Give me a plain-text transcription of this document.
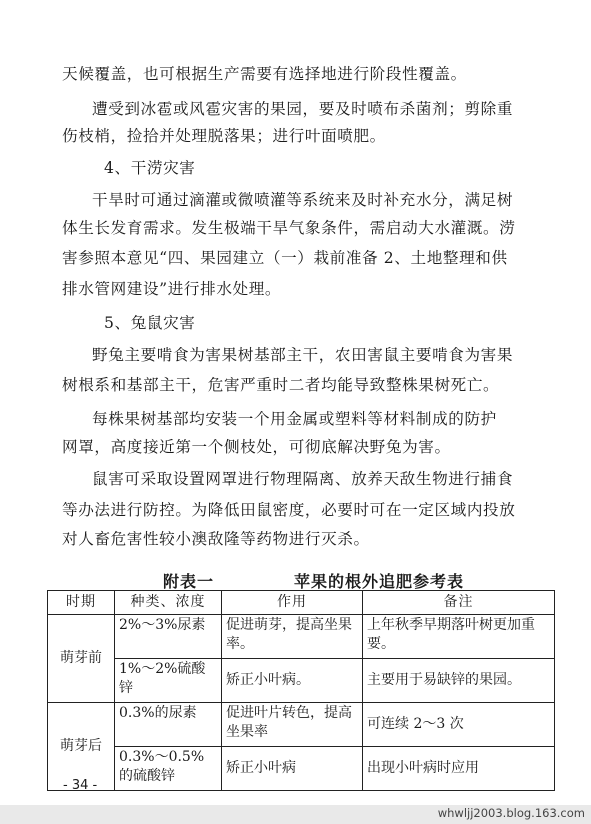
天候覆盖，也可根据生产需要有选择地进行阶段性覆盖。
遭受到冰雹或风雹灾害的果园，要及时喷布杀菌剂；剪除重
伤枝梢，捡拾并处理脱落果；进行叶面喷肥。
4、干涝灾害
干旱时可通过滴灌或微喷灌等系统来及时补充水分，满足树
体生长发育需求。发生极端干旱气象条件，需启动大水灌溉。涝
害参照本意见“四、果园建立（一）栽前准备 2、土地整理和供
排水管网建设”进行排水处理。
5、兔鼠灾害
野兔主要啃食为害果树基部主干，农田害鼠主要啃食为害果
树根系和基部主干，危害严重时二者均能导致整株果树死亡。
每株果树基部均安装一个用金属或塑料等材料制成的防护
网罩，高度接近第一个侧枝处，可彻底解决野兔为害。
鼠害可采取设置网罩进行物理隔离、放养天敌生物进行捕食
等办法进行防控。为降低田鼠密度，必要时可在一定区域内投放
对人畜危害性较小澳敌隆等药物进行灭杀。
附表一	苹果的根外追肥参考表
时期	种类、浓度	作用	备注
萌芽前	2%～3%尿素	促进萌芽，提高坐果率。	上年秋季早期落叶树更加重要。
	1%～2%硫酸锌	矫正小叶病。	主要用于易缺锌的果园。
萌芽后	0.3%的尿素	促进叶片转色，提高坐果率	可连续 2～3 次
	0.3%～0.5%的硫酸锌	矫正小叶病	出现小叶病时应用
- 34 -
whwljj2003.blog.163.com
